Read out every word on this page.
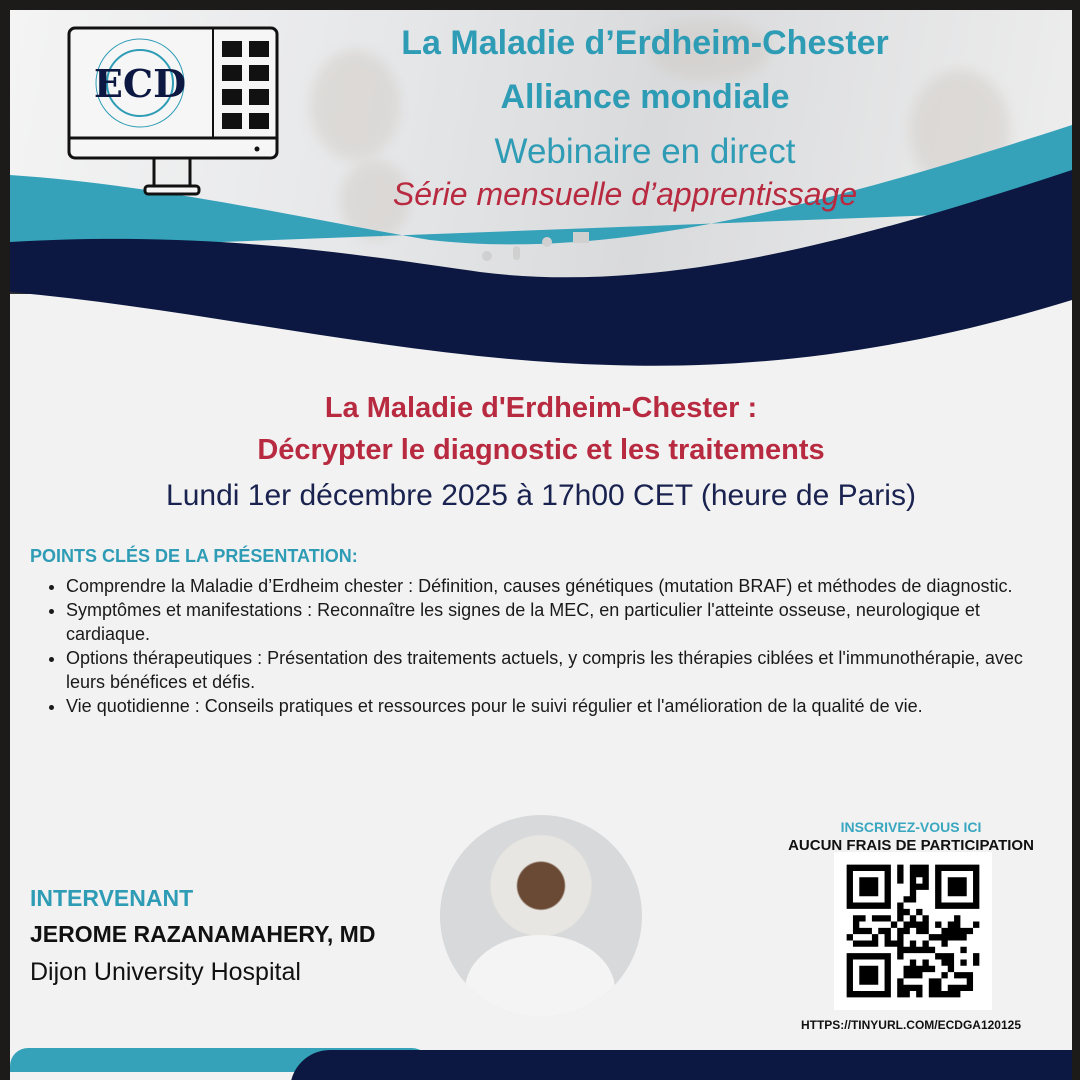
ECD
La Maladie d’Erdheim-Chester
Alliance mondiale
Webinaire en direct
Série mensuelle d’apprentissage
La Maladie d'Erdheim-Chester :
Décrypter le diagnostic et les traitements
Lundi 1er décembre 2025 à 17h00 CET (heure de Paris)
POINTS CLÉS DE LA PRÉSENTATION:
• Comprendre la Maladie d’Erdheim chester : Définition, causes génétiques (mutation BRAF) et méthodes de diagnostic.
• Symptômes et manifestations : Reconnaître les signes de la MEC, en particulier l'atteinte osseuse, neurologique et cardiaque.
• Options thérapeutiques : Présentation des traitements actuels, y compris les thérapies ciblées et l'immunothérapie, avec leurs bénéfices et défis.
• Vie quotidienne : Conseils pratiques et ressources pour le suivi régulier et l'amélioration de la qualité de vie.
INTERVENANT
JEROME RAZANAMAHERY, MD
Dijon University Hospital
INSCRIVEZ-VOUS ICI
AUCUN FRAIS DE PARTICIPATION
HTTPS://TINYURL.COM/ECDGA120125
